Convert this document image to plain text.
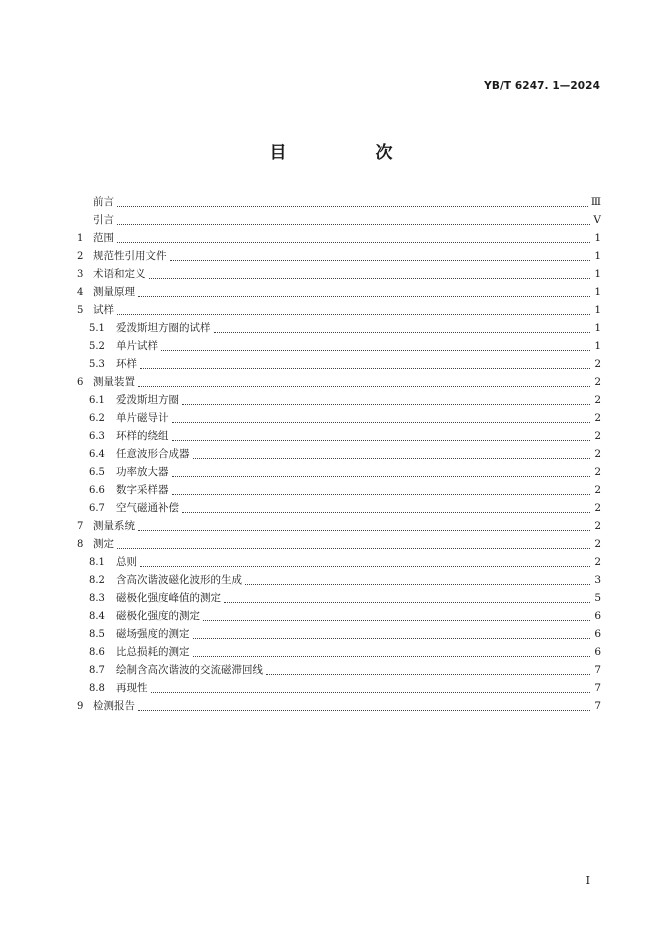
YB/T 6247. 1—2024
目　次
前言	Ⅲ
引言	Ⅴ
1 范围	1
2 规范性引用文件	1
3 术语和定义	1
4 测量原理	1
5 试样	1
5.1	爱泼斯坦方圈的试样	1
5.2	单片试样	1
5.3	环样	2
6 测量装置	2
6.1	爱泼斯坦方圈	2
6.2	单片磁导计	2
6.3	环样的绕组	2
6.4	任意波形合成器	2
6.5	功率放大器	2
6.6	数字采样器	2
6.7	空气磁通补偿	2
7 测量系统	2
8 测定	2
8.1	总则	2
8.2	含高次谐波磁化波形的生成	3
8.3	磁极化强度峰值的测定	5
8.4	磁极化强度的测定	6
8.5	磁场强度的测定	6
8.6	比总损耗的测定	6
8.7	绘制含高次谐波的交流磁滞回线	7
8.8	再现性	7
9 检测报告	7
I
